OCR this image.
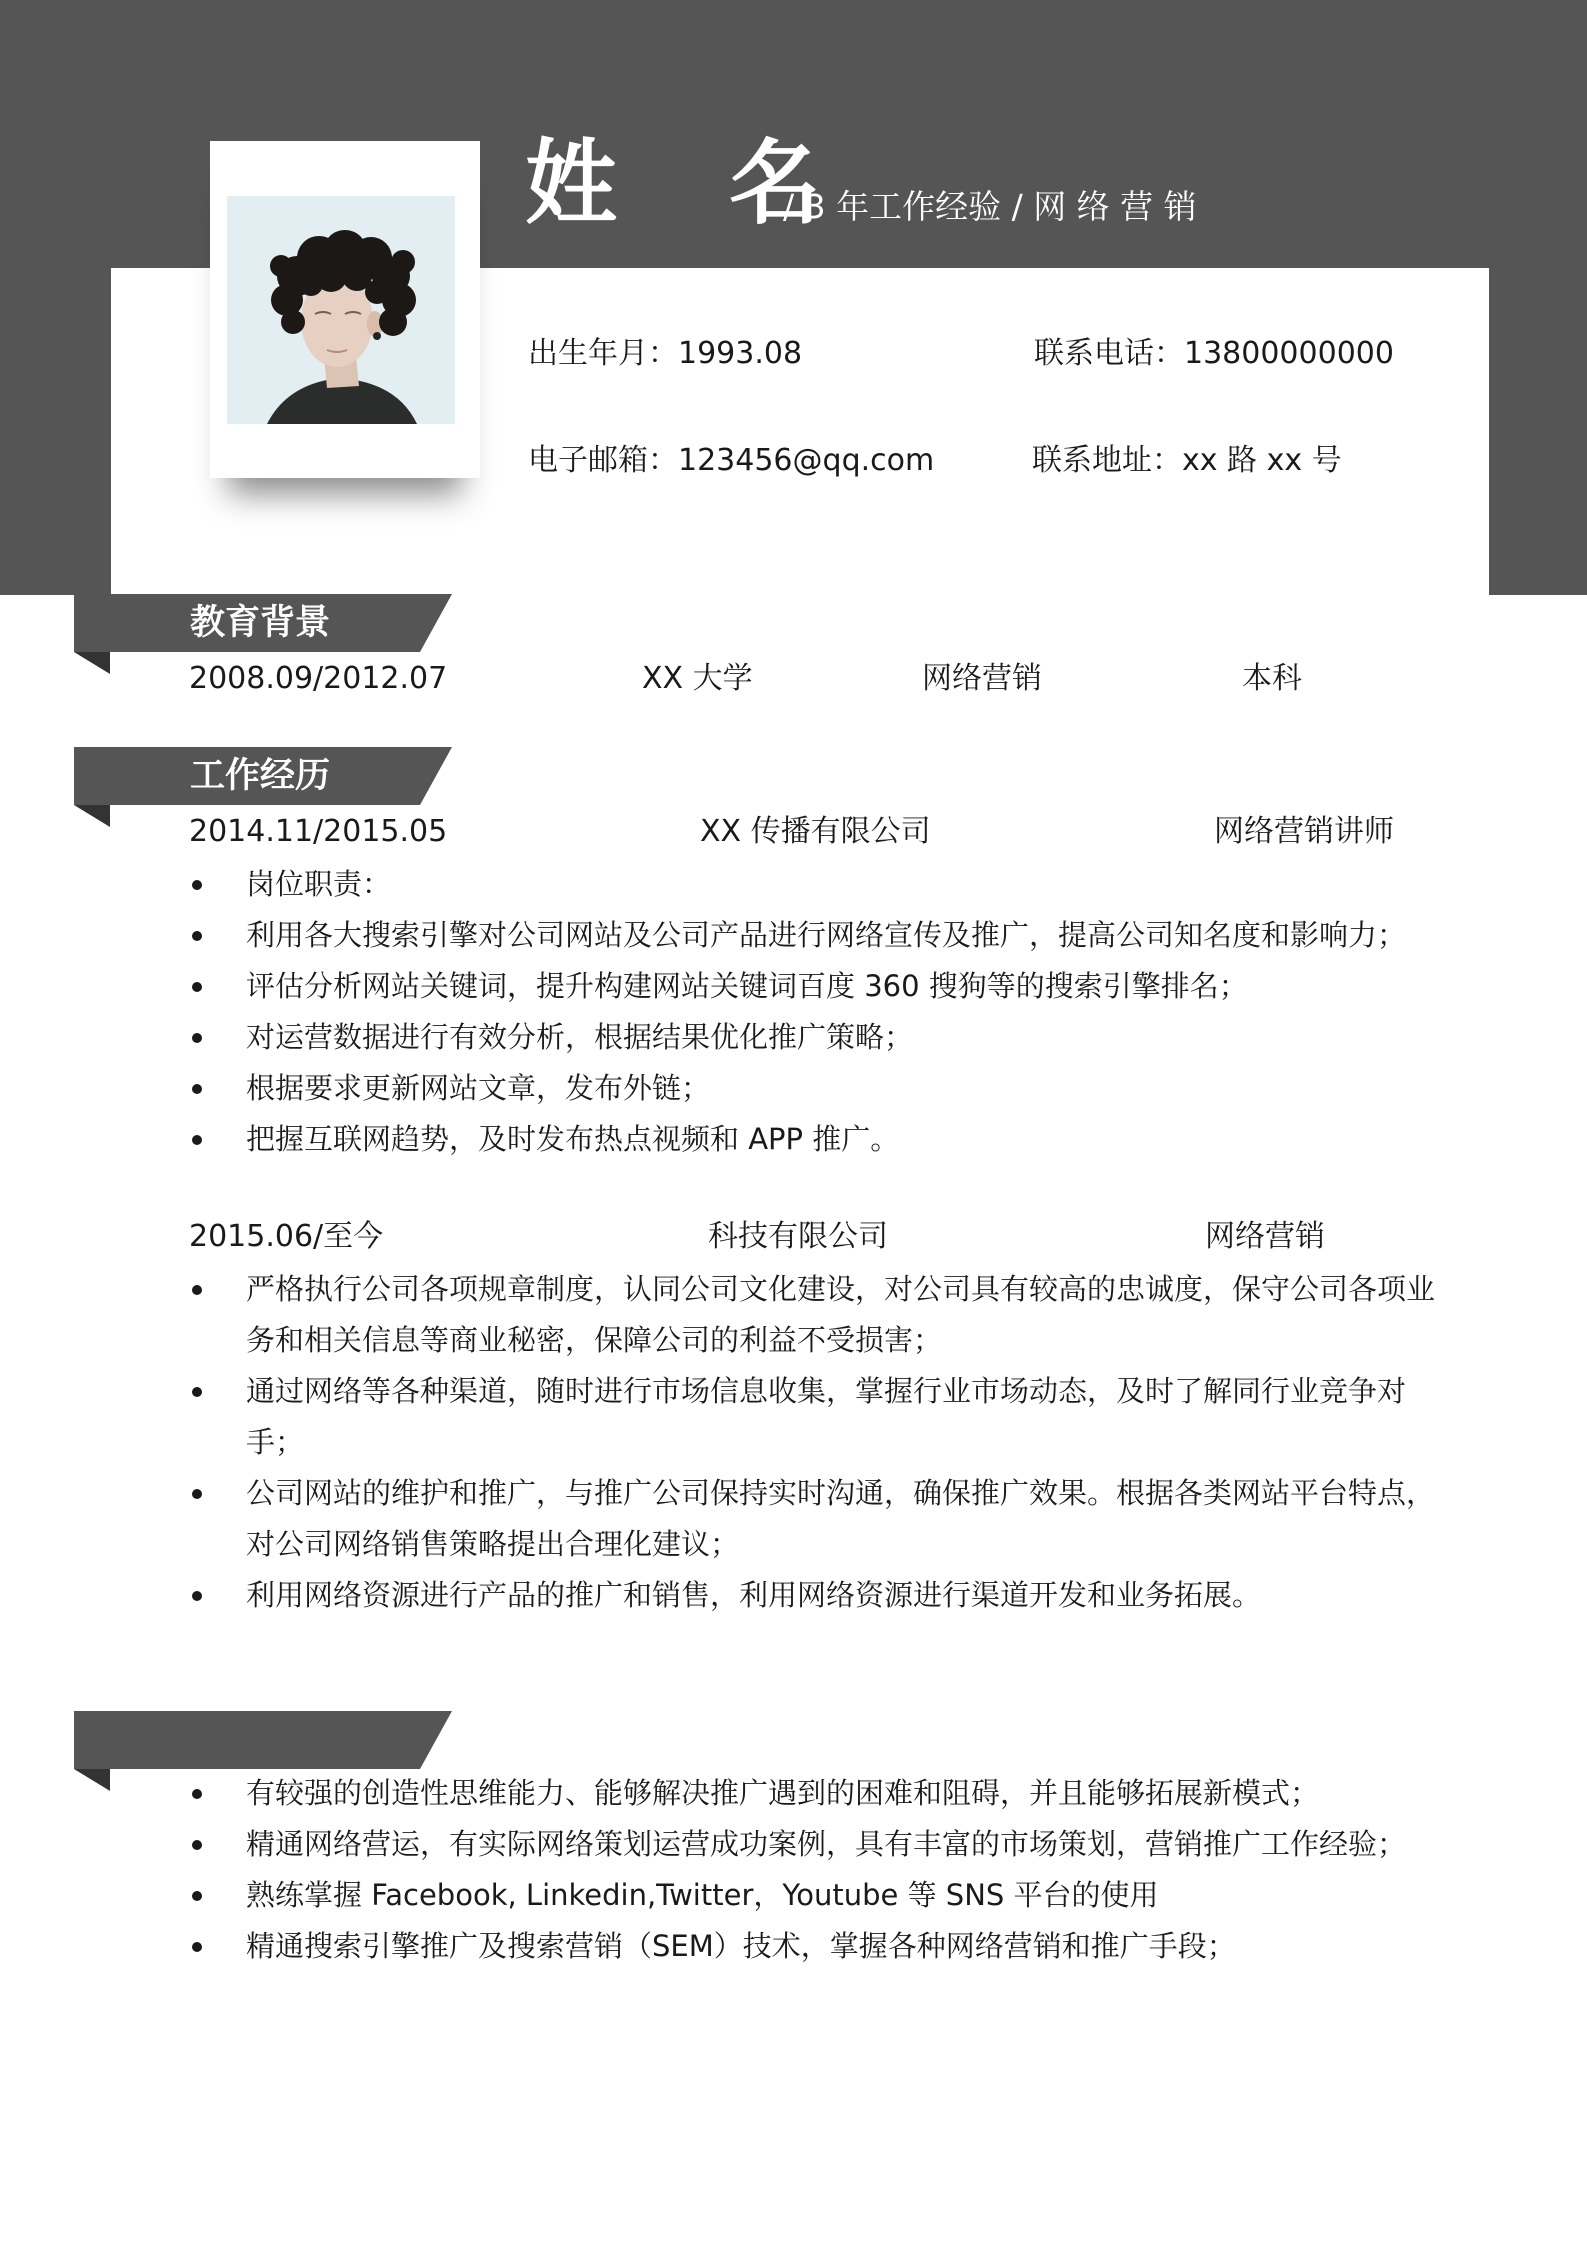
姓 名
/ 3 年工作经验 / 网 络 营 销
出生年月：1993.08	联系电话：13800000000
电子邮箱：123456@qq.com	联系地址：xx 路 xx 号
教育背景
2008.09/2012.07	XX 大学	网络营销	本科
工作经历
2014.11/2015.05	XX 传播有限公司	网络营销讲师
岗位职责：
利用各大搜索引擎对公司网站及公司产品进行网络宣传及推广，提高公司知名度和影响力；
评估分析网站关键词，提升构建网站关键词百度 360 搜狗等的搜索引擎排名；
对运营数据进行有效分析，根据结果优化推广策略；
根据要求更新网站文章，发布外链；
把握互联网趋势，及时发布热点视频和 APP 推广。
2015.06/至今	科技有限公司	网络营销
严格执行公司各项规章制度，认同公司文化建设，对公司具有较高的忠诚度，保守公司各项业务和相关信息等商业秘密，保障公司的利益不受损害；
通过网络等各种渠道，随时进行市场信息收集，掌握行业市场动态，及时了解同行业竞争对手；
公司网站的维护和推广，与推广公司保持实时沟通，确保推广效果。根据各类网站平台特点，对公司网络销售策略提出合理化建议；
利用网络资源进行产品的推广和销售，利用网络资源进行渠道开发和业务拓展。
有较强的创造性思维能力、能够解决推广遇到的困难和阻碍，并且能够拓展新模式；
精通网络营运，有实际网络策划运营成功案例，具有丰富的市场策划，营销推广工作经验；
熟练掌握 Facebook, Linkedin,Twitter，Youtube 等 SNS 平台的使用
精通搜索引擎推广及搜索营销（SEM）技术，掌握各种网络营销和推广手段；
